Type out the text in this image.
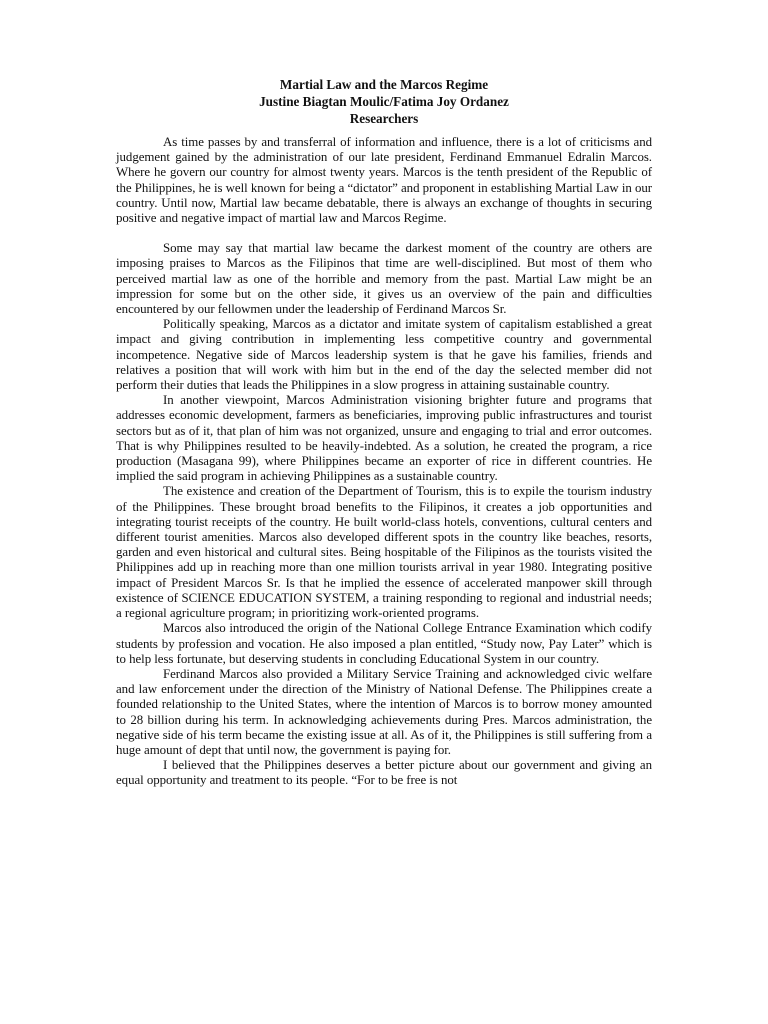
Martial Law and the Marcos Regime
Justine Biagtan Moulic/Fatima Joy Ordanez
Researchers

As time passes by and transferral of information and influence, there is a lot of criticisms and judgement gained by the administration of our late president, Ferdinand Emmanuel Edralin Marcos. Where he govern our country for almost twenty years. Marcos is the tenth president of the Republic of the Philippines, he is well known for being a “dictator” and proponent in establishing Martial Law in our country. Until now, Martial law became debatable, there is always an exchange of thoughts in securing positive and negative impact of martial law and Marcos Regime.

Some may say that martial law became the darkest moment of the country are others are imposing praises to Marcos as the Filipinos that time are well-disciplined. But most of them who perceived martial law as one of the horrible and memory from the past. Martial Law might be an impression for some but on the other side, it gives us an overview of the pain and difficulties encountered by our fellowmen under the leadership of Ferdinand Marcos Sr.

Politically speaking, Marcos as a dictator and imitate system of capitalism established a great impact and giving contribution in implementing less competitive country and governmental incompetence. Negative side of Marcos leadership system is that he gave his families, friends and relatives a position that will work with him but in the end of the day the selected member did not perform their duties that leads the Philippines in a slow progress in attaining sustainable country.

In another viewpoint, Marcos Administration visioning brighter future and programs that addresses economic development, farmers as beneficiaries, improving public infrastructures and tourist sectors but as of it, that plan of him was not organized, unsure and engaging to trial and error outcomes. That is why Philippines resulted to be heavily-indebted. As a solution, he created the program, a rice production (Masagana 99), where Philippines became an exporter of rice in different countries. He implied the said program in achieving Philippines as a sustainable country.

The existence and creation of the Department of Tourism, this is to expile the tourism industry of the Philippines. These brought broad benefits to the Filipinos, it creates a job opportunities and integrating tourist receipts of the country. He built world-class hotels, conventions, cultural centers and different tourist amenities. Marcos also developed different spots in the country like beaches, resorts, garden and even historical and cultural sites. Being hospitable of the Filipinos as the tourists visited the Philippines add up in reaching more than one million tourists arrival in year 1980. Integrating positive impact of President Marcos Sr. Is that he implied the essence of accelerated manpower skill through existence of SCIENCE EDUCATION SYSTEM, a training responding to regional and industrial needs; a regional agriculture program; in prioritizing work-oriented programs.

Marcos also introduced the origin of the National College Entrance Examination which codify students by profession and vocation. He also imposed a plan entitled, “Study now, Pay Later” which is to help less fortunate, but deserving students in concluding Educational System in our country.

Ferdinand Marcos also provided a Military Service Training and acknowledged civic welfare and law enforcement under the direction of the Ministry of National Defense. The Philippines create a founded relationship to the United States, where the intention of Marcos is to borrow money amounted to 28 billion during his term. In acknowledging achievements during Pres. Marcos administration, the negative side of his term became the existing issue at all. As of it, the Philippines is still suffering from a huge amount of dept that until now, the government is paying for.

I believed that the Philippines deserves a better picture about our government and giving an equal opportunity and treatment to its people. “For to be free is not
